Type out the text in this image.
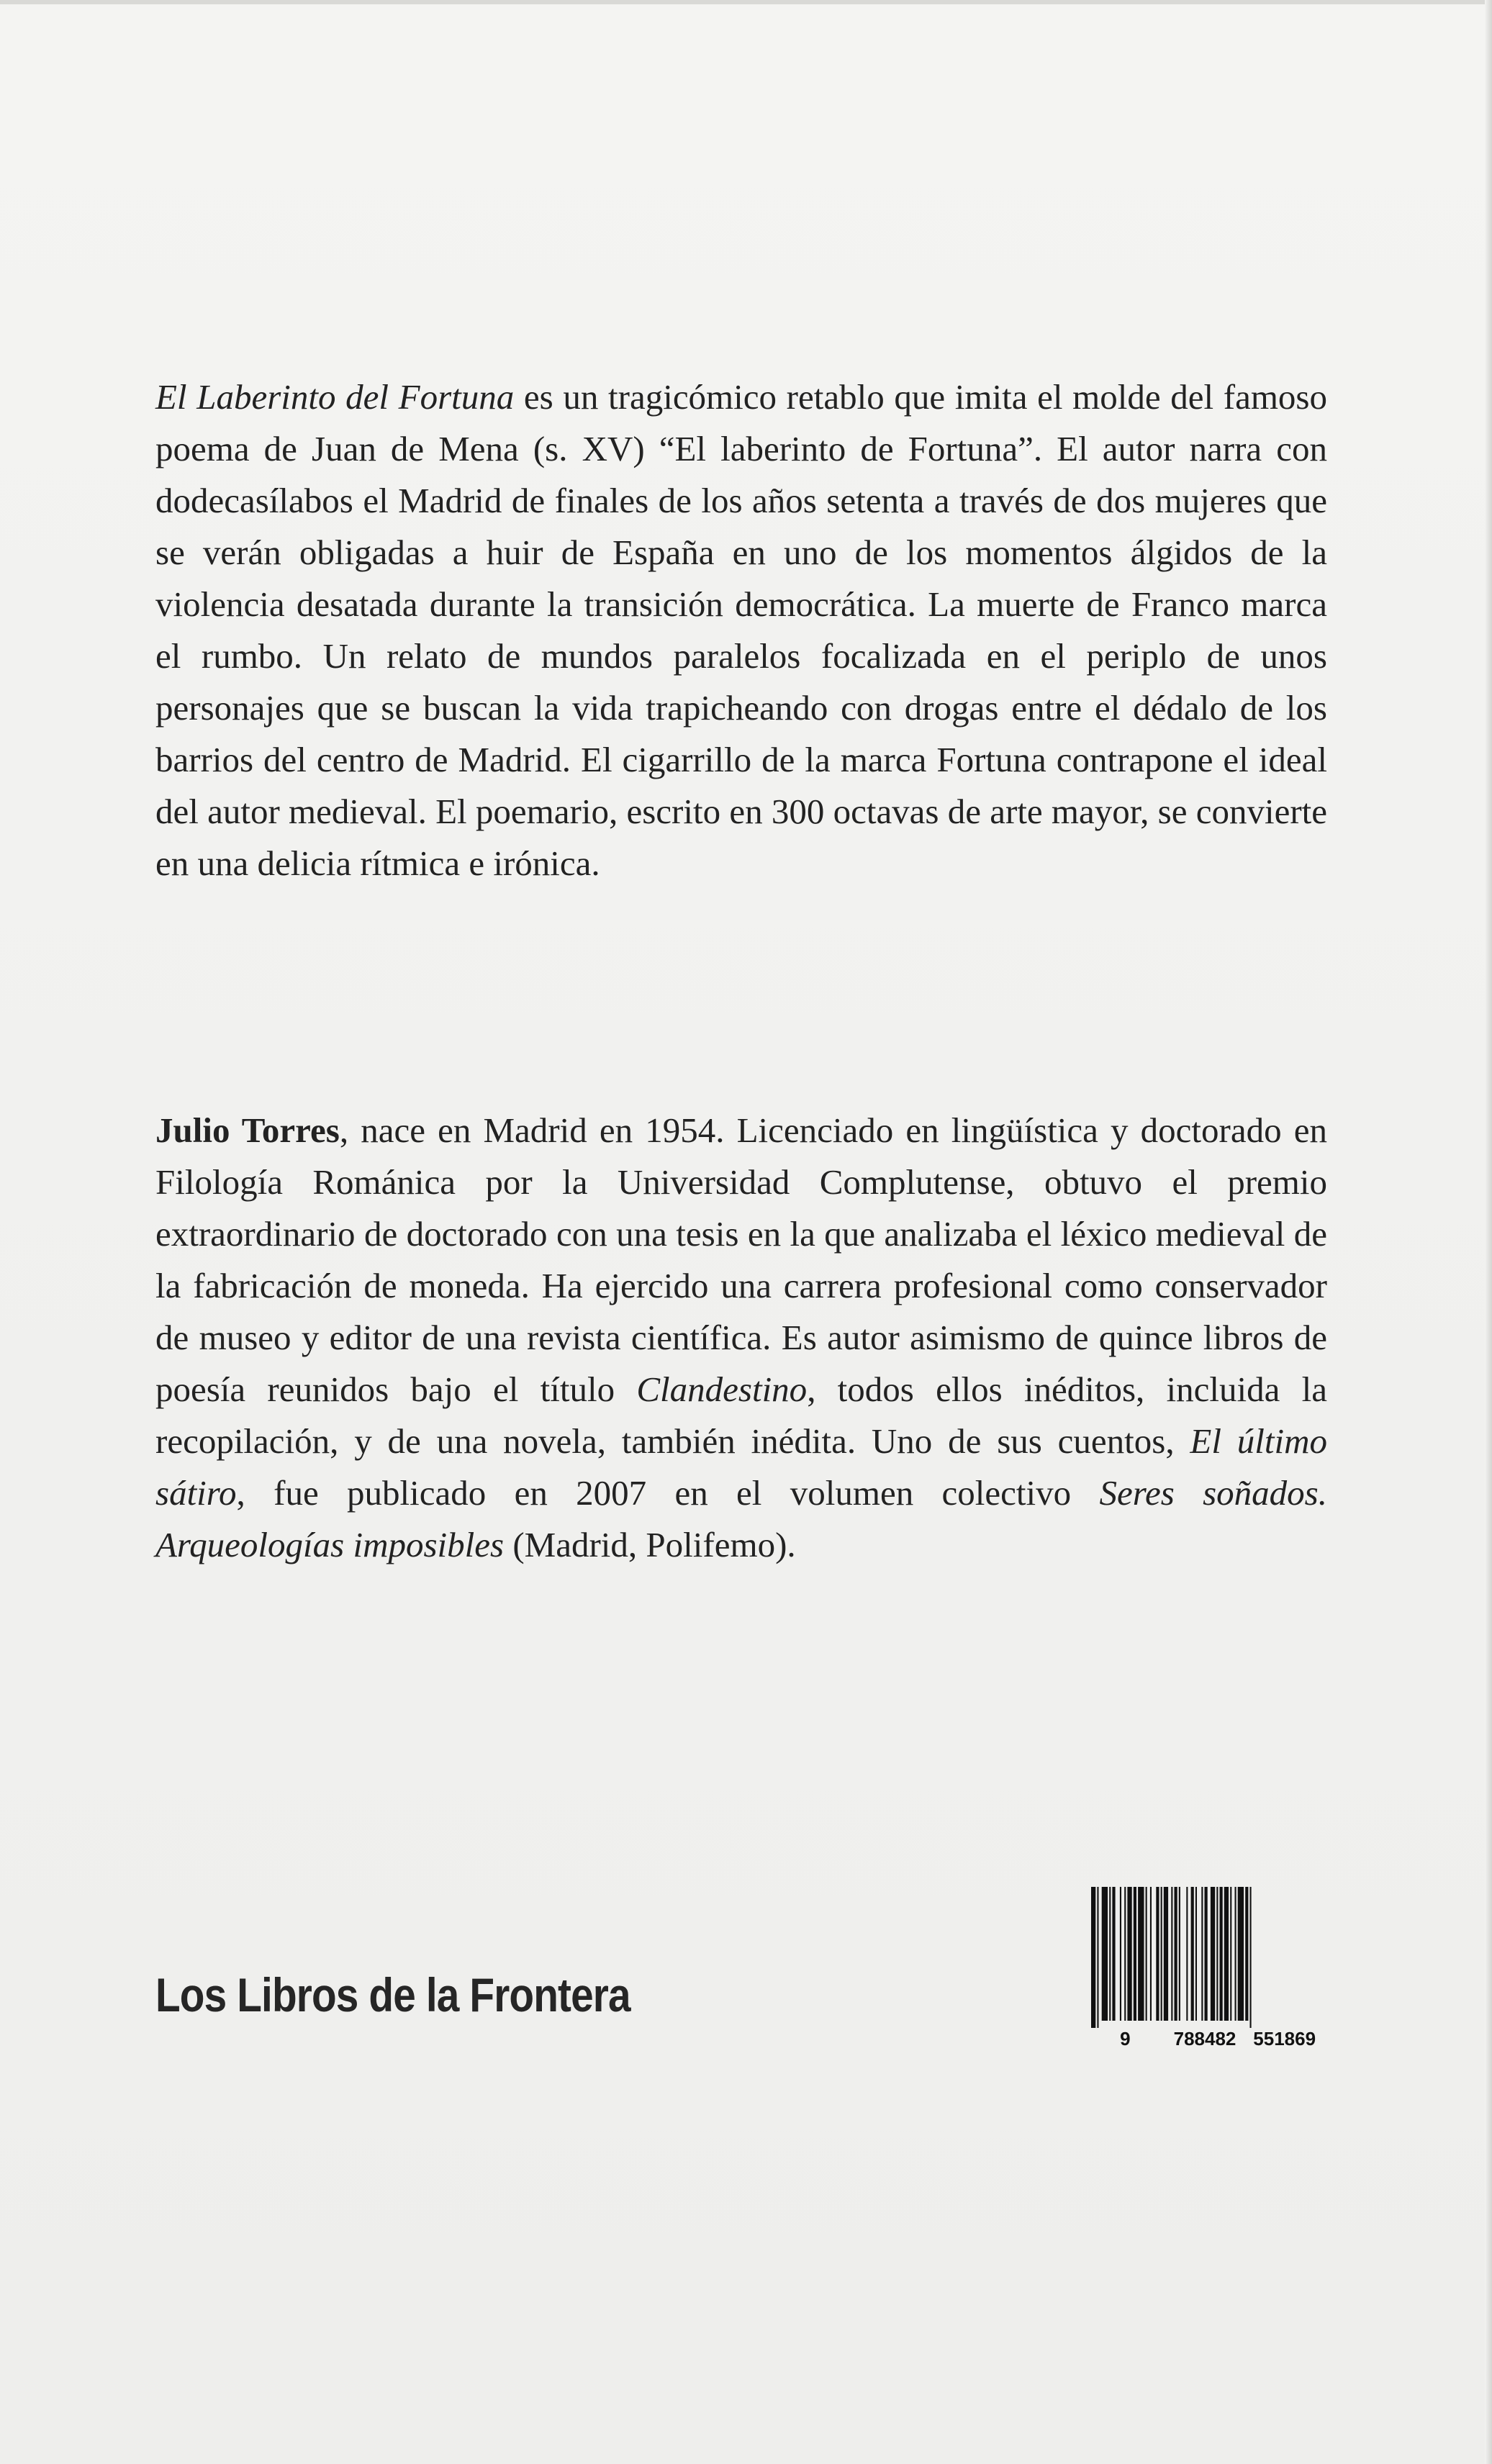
El Laberinto del Fortuna es un tragicómico retablo que imita el molde del famoso poema de Juan de Mena (s. XV) “El laberinto de Fortuna”. El autor narra con dodecasílabos el Madrid de finales de los años setenta a través de dos mujeres que se verán obligadas a huir de España en uno de los momentos álgidos de la violencia desatada durante la transición democrática. La muerte de Franco marca el rumbo. Un relato de mundos paralelos focalizada en el periplo de unos personajes que se buscan la vida trapicheando con drogas entre el dédalo de los barrios del centro de Madrid. El cigarrillo de la marca Fortuna contrapone el ideal del autor medieval. El poemario, escrito en 300 octavas de arte mayor, se convierte en una delicia rítmica e irónica.

Julio Torres, nace en Madrid en 1954. Licenciado en lingüística y doctorado en Filología Románica por la Universidad Complutense, obtuvo el premio extraordinario de doctorado con una tesis en la que analizaba el léxico medieval de la fabricación de moneda. Ha ejercido una carrera profesional como conservador de museo y editor de una revista científica. Es autor asimismo de quince libros de poesía reunidos bajo el título Clandestino, todos ellos inéditos, incluida la recopilación, y de una novela, también inédita. Uno de sus cuentos, El último sátiro, fue publicado en 2007 en el volumen colectivo Seres soñados. Arqueologías imposibles (Madrid, Polifemo).

Los Libros de la Frontera
9	788482 551869
